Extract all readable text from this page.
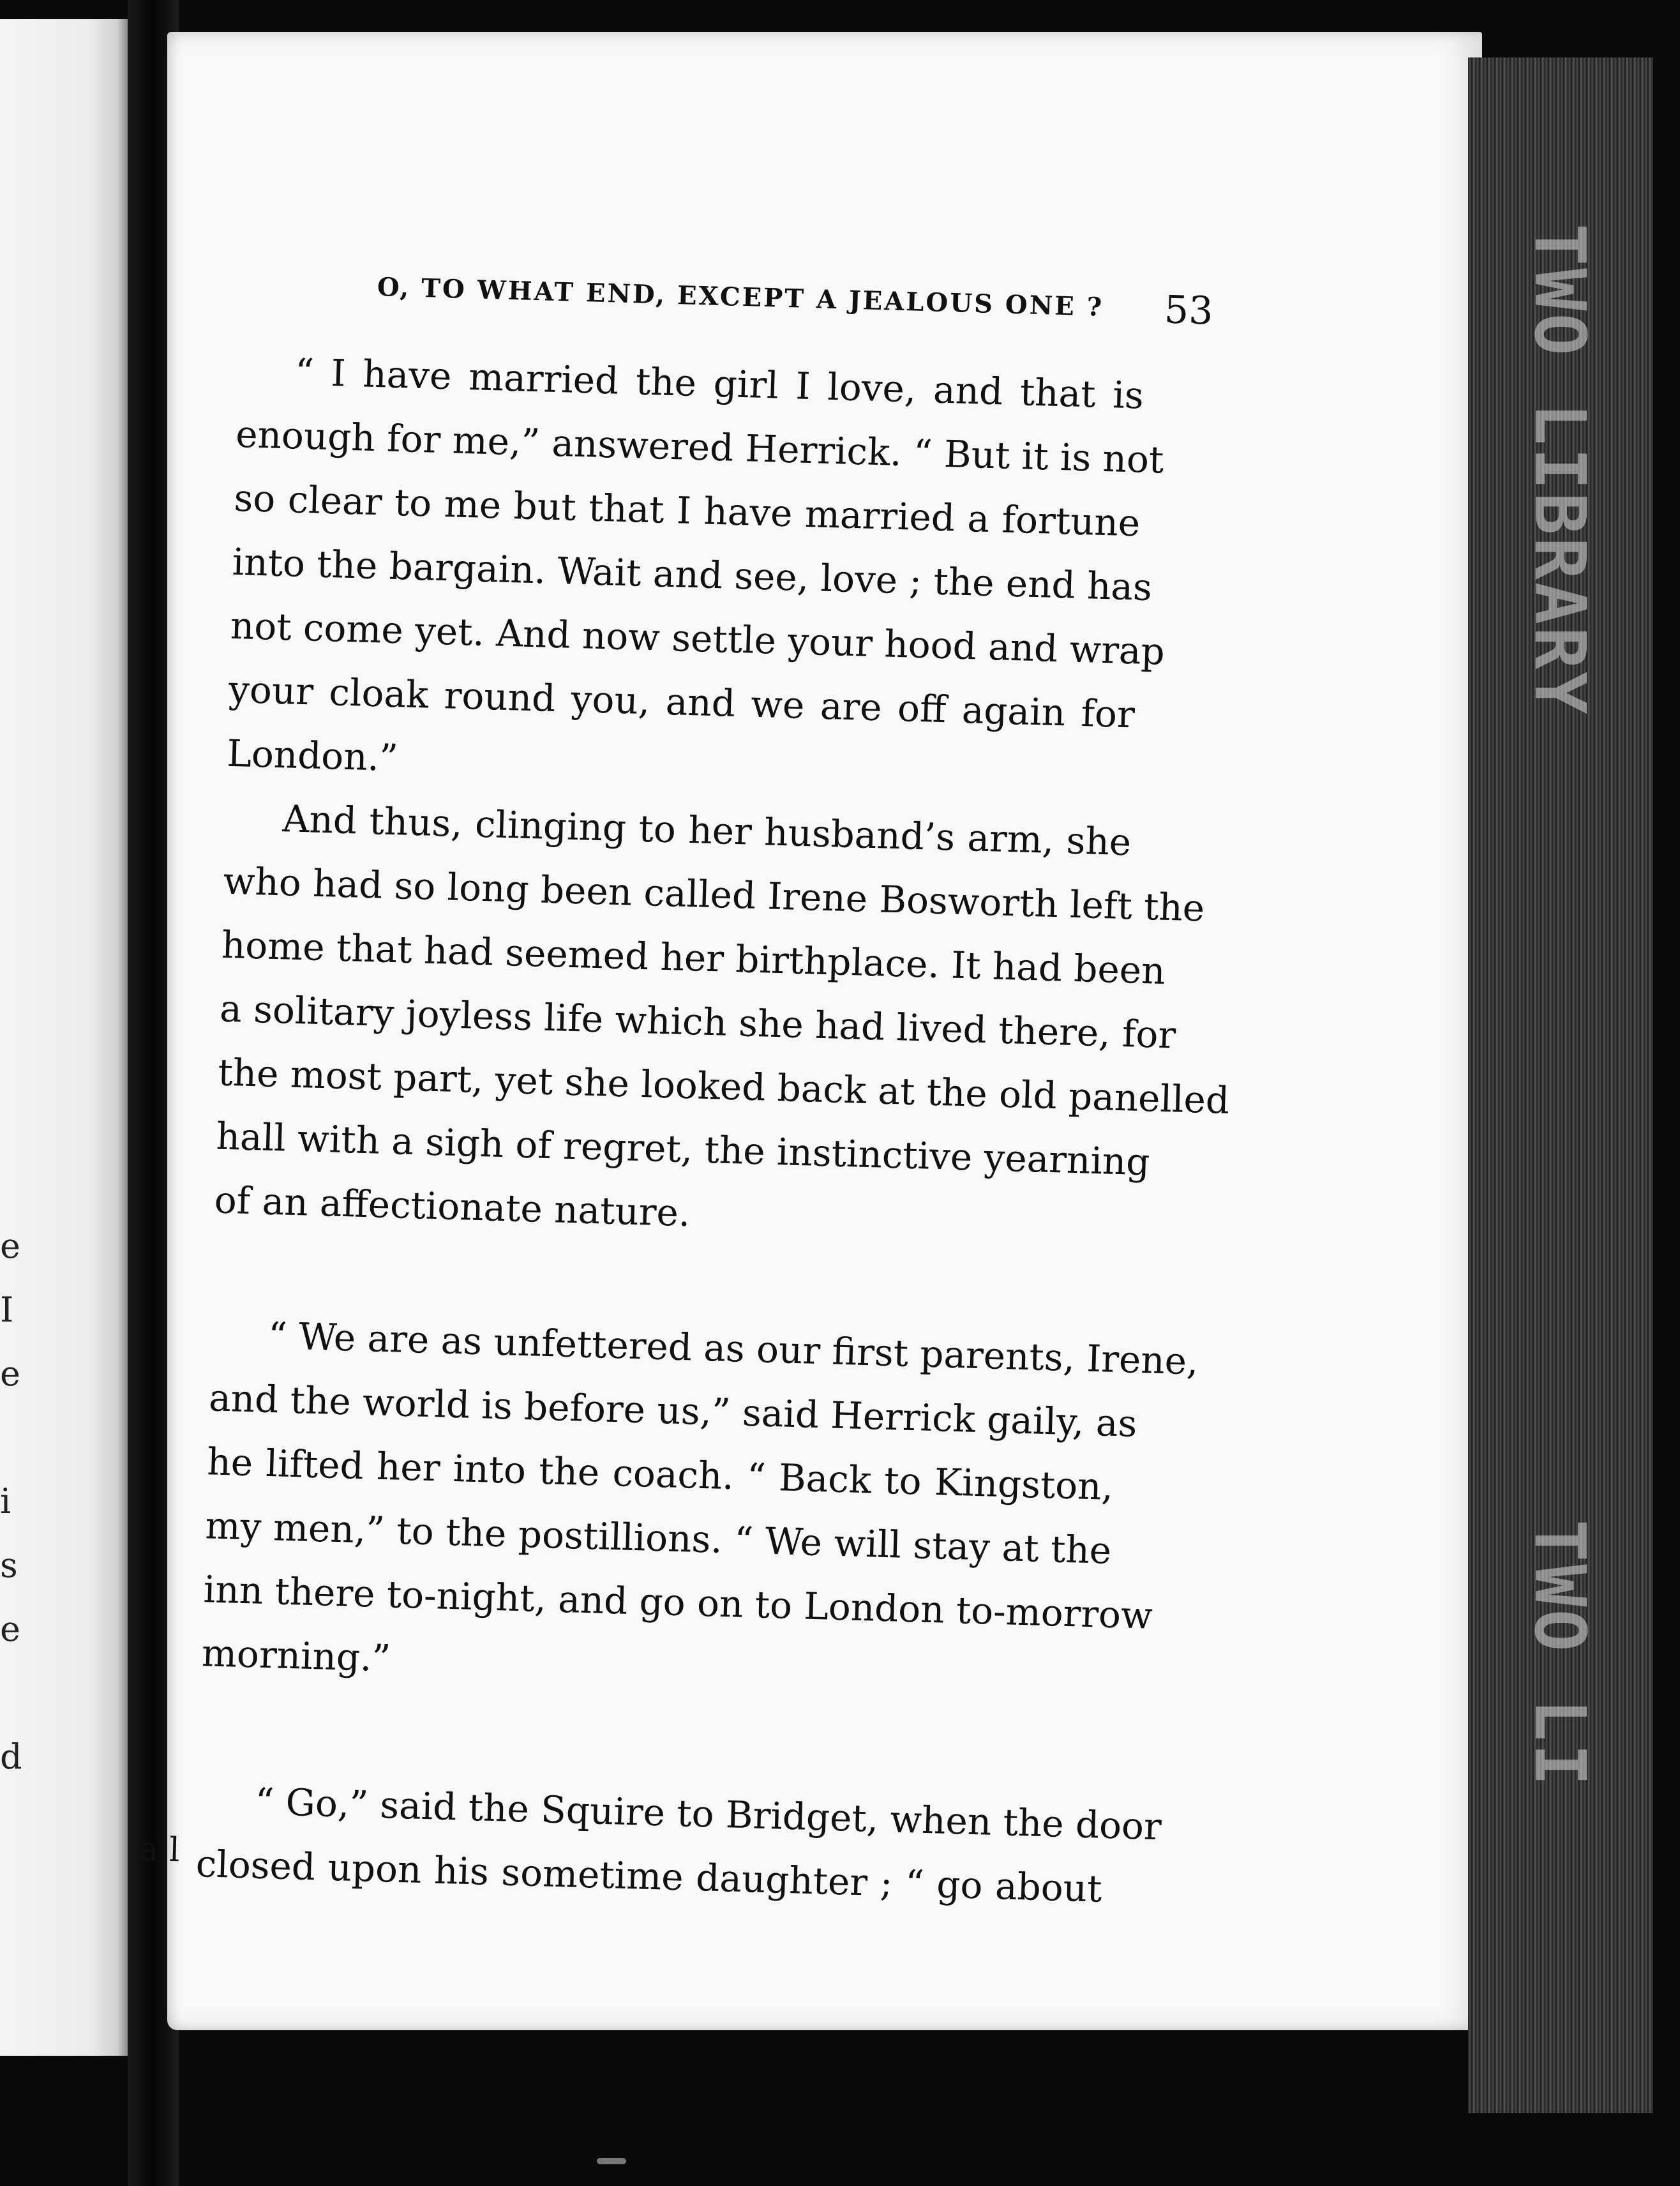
e
I
e
i
s
e
d
O, TO WHAT END, EXCEPT A JEALOUS ONE ? 53
“ I have married the girl I love, and that is
enough for me,” answered Herrick. “ But it is not
so clear to me but that I have married a fortune
into the bargain. Wait and see, love ; the end has
not come yet. And now settle your hood and wrap
your cloak round you, and we are off again for
London.”
And thus, clinging to her husband’s arm, she
who had so long been called Irene Bosworth left the
home that had seemed her birthplace. It had been
a solitary joyless life which she had lived there, for
the most part, yet she looked back at the old panelled
hall with a sigh of regret, the instinctive yearning
of an affectionate nature.
“ We are as unfettered as our first parents, Irene,
and the world is before us,” said Herrick gaily, as
he lifted her into the coach. “ Back to Kingston,
my men,” to the postillions. “ We will stay at the
inn there to-night, and go on to London to-morrow
morning.”
a l
“ Go,” said the Squire to Bridget, when the door
closed upon his sometime daughter ; “ go about
TWO LIBRARY
TWO LI
